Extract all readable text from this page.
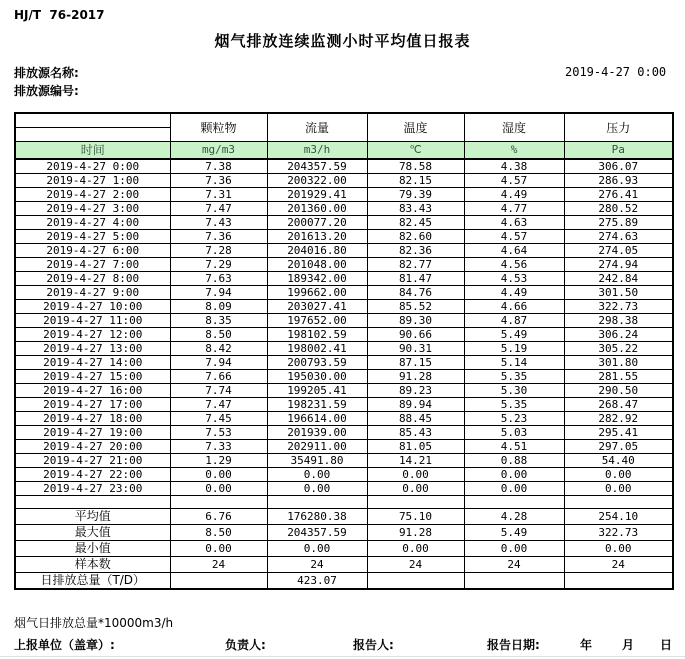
HJ/T  76-2017
烟气排放连续监测小时平均值日报表
排放源名称:
排放源编号:
2019-4-27 0:00
	颗粒物	流量	温度	湿度	压力

时间	mg/m3	m3/h	℃	%	Pa
2019-4-27 0:00	7.38	204357.59	78.58	4.38	306.07
2019-4-27 1:00	7.36	200322.00	82.15	4.57	286.93
2019-4-27 2:00	7.31	201929.41	79.39	4.49	276.41
2019-4-27 3:00	7.47	201360.00	83.43	4.77	280.52
2019-4-27 4:00	7.43	200077.20	82.45	4.63	275.89
2019-4-27 5:00	7.36	201613.20	82.60	4.57	274.63
2019-4-27 6:00	7.28	204016.80	82.36	4.64	274.05
2019-4-27 7:00	7.29	201048.00	82.77	4.56	274.94
2019-4-27 8:00	7.63	189342.00	81.47	4.53	242.84
2019-4-27 9:00	7.94	199662.00	84.76	4.49	301.50
2019-4-27 10:00	8.09	203027.41	85.52	4.66	322.73
2019-4-27 11:00	8.35	197652.00	89.30	4.87	298.38
2019-4-27 12:00	8.50	198102.59	90.66	5.49	306.24
2019-4-27 13:00	8.42	198002.41	90.31	5.19	305.22
2019-4-27 14:00	7.94	200793.59	87.15	5.14	301.80
2019-4-27 15:00	7.66	195030.00	91.28	5.35	281.55
2019-4-27 16:00	7.74	199205.41	89.23	5.30	290.50
2019-4-27 17:00	7.47	198231.59	89.94	5.35	268.47
2019-4-27 18:00	7.45	196614.00	88.45	5.23	282.92
2019-4-27 19:00	7.53	201939.00	85.43	5.03	295.41
2019-4-27 20:00	7.33	202911.00	81.05	4.51	297.05
2019-4-27 21:00	1.29	35491.80	14.21	0.88	54.40
2019-4-27 22:00	0.00	0.00	0.00	0.00	0.00
2019-4-27 23:00	0.00	0.00	0.00	0.00	0.00

平均值	6.76	176280.38	75.10	4.28	254.10
最大值	8.50	204357.59	91.28	5.49	322.73
最小值	0.00	0.00	0.00	0.00	0.00
样本数	24	24	24	24	24
日排放总量（T/D）		423.07			
烟气日排放总量*10000m3/h
上报单位（盖章）:	负责人:	报告人:	报告日期:	年 月 日
